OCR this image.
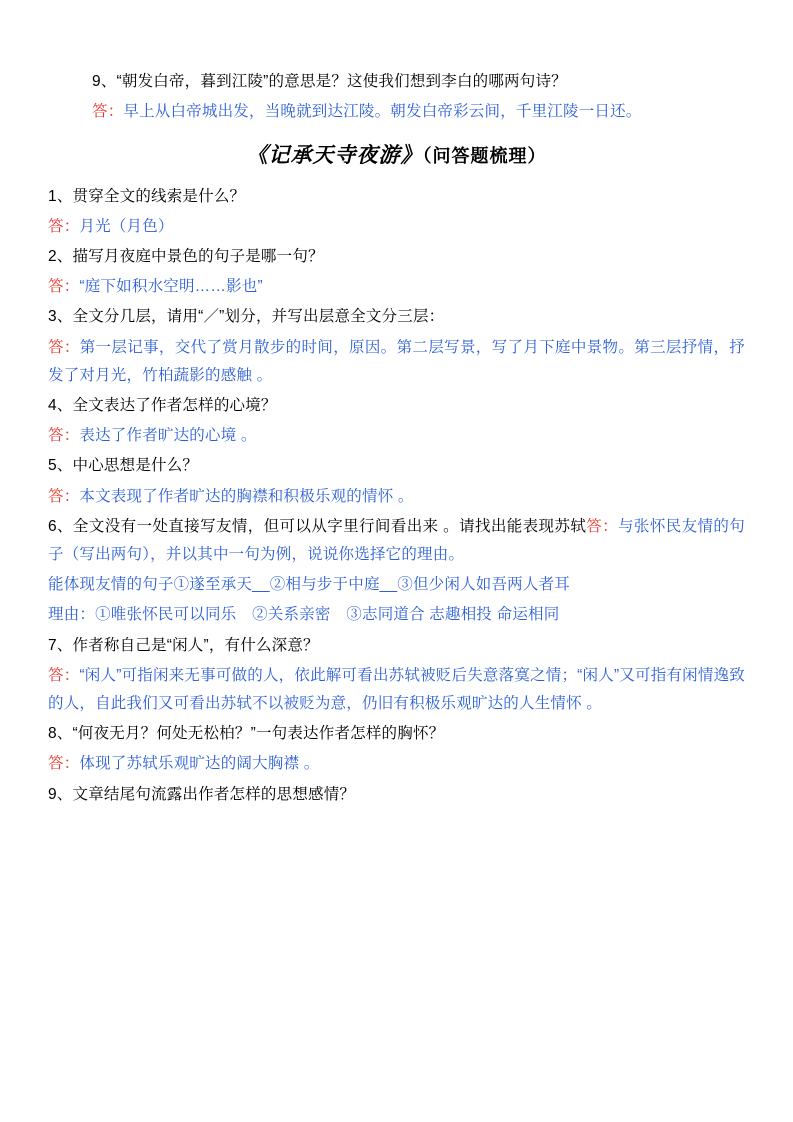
9、“朝发白帝，暮到江陵”的意思是？这使我们想到李白的哪两句诗？

答：早上从白帝城出发，当晚就到达江陵。朝发白帝彩云间，千里江陵一日还。

《记承天寺夜游》（问答题梳理）

1、贯穿全文的线索是什么？

答：月光（月色）

2、描写月夜庭中景色的句子是哪一句？

答：“庭下如积水空明……影也”

3、全文分几层，请用“／”划分，并写出层意全文分三层：

答：第一层记事，交代了赏月散步的时间，原因。第二层写景，写了月下庭中景物。第三层抒情，抒发了对月光，竹柏蔬影的感触 。

4、全文表达了作者怎样的心境？

答：表达了作者旷达的心境 。

5、中心思想是什么？

答：本文表现了作者旷达的胸襟和积极乐观的情怀 。

6、全文没有一处直接写友情，但可以从字里行间看出来 。请找出能表现苏轼答：与张怀民友情的句子（写出两句），并以其中一句为例，说说你选择它的理由。

能体现友情的句子①遂至承天__②相与步于中庭__③但少闲人如吾两人者耳

理由：①唯张怀民可以同乐　②关系亲密　③志同道合 志趣相投 命运相同

7、作者称自己是“闲人”，有什么深意？

答：“闲人”可指闲来无事可做的人，依此解可看出苏轼被贬后失意落寞之情；“闲人”又可指有闲情逸致的人，自此我们又可看出苏轼不以被贬为意，仍旧有积极乐观旷达的人生情怀 。

8、“何夜无月？何处无松柏？”一句表达作者怎样的胸怀？

答：体现了苏轼乐观旷达的阔大胸襟 。

9、文章结尾句流露出作者怎样的思想感情？
